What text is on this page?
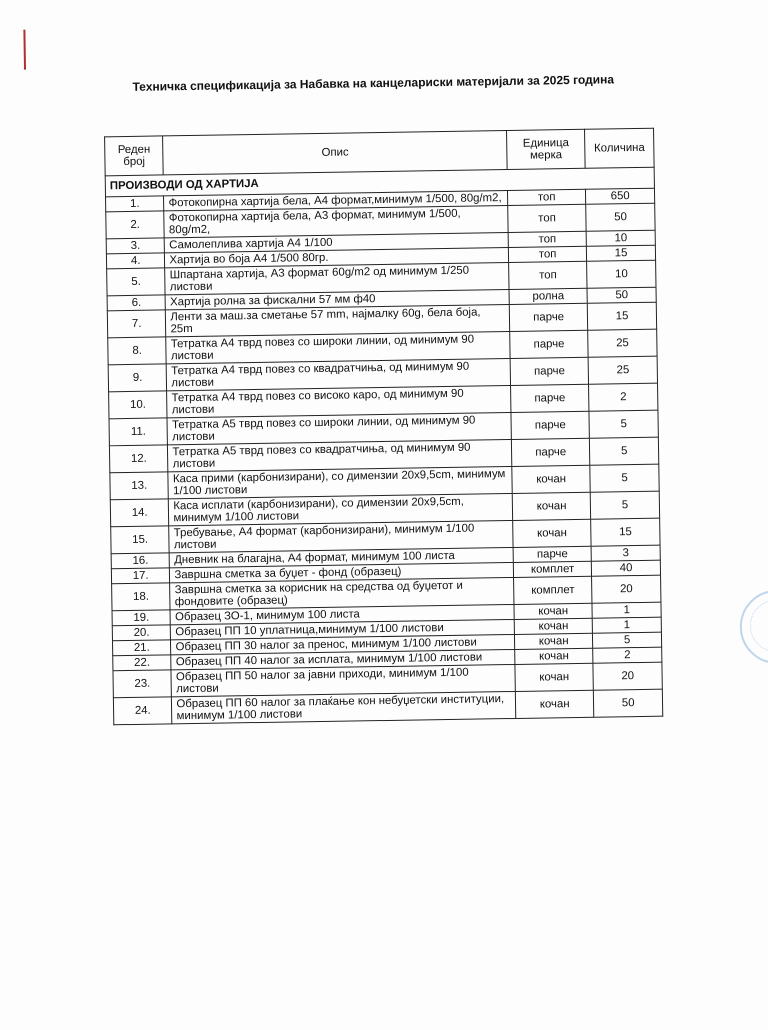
Техничка спецификација за Набавка на канцелариски материјали за 2025 година
Реден број	Опис	Единица мерка	Количина
ПРОИЗВОДИ ОД ХАРТИЈА			
1.	Фотокопирна хартија бела, А4 формат,минимум 1/500, 80g/m2,	топ	650
2.	Фотокопирна хартија бела, А3 формат, минимум 1/500, 80g/m2,	топ	50
3.	Самолеплива хартија А4 1/100	топ	10
4.	Хартија во боја А4 1/500 80гр.	топ	15
5.	Шпартана хартија, А3 формат 60g/m2 од минимум 1/250 листови	топ	10
6.	Хартија ролна за фискални 57 мм ф40	ролна	50
7.	Ленти за маш.за сметање 57 mm, најмалку 60g, бела боја, 25m	парче	15
8.	Тетратка А4 тврд повез со широки линии, од минимум 90 листови	парче	25
9.	Тетратка А4 тврд повез со квадратчиња, од минимум 90 листови	парче	25
10.	Тетратка А4 тврд повез со високо каро, од минимум 90 листови	парче	2
11.	Тетратка А5 тврд повез со широки линии, од минимум 90 листови	парче	5
12.	Тетратка А5 тврд повез со квадратчиња, од минимум 90 листови	парче	5
13.	Каса прими (карбонизирани), со димензии 20х9,5cm, минимум 1/100 листови	кочан	5
14.	Каса исплати (карбонизирани), со димензии 20х9,5cm, минимум 1/100 листови	кочан	5
15.	Требување, А4 формат (карбонизирани), минимум 1/100 листови	кочан	15
16.	Дневник на благајна, А4 формат, минимум 100 листа	парче	3
17.	Завршна сметка за буџет - фонд (образец)	комплет	40
18.	Завршна сметка за корисник на средства од буџетот и фондовите (образец)	комплет	20
19.	Образец ЗО-1, минимум 100 листа	кочан	1
20.	Образец ПП 10 уплатница,минимум 1/100 листови	кочан	1
21.	Образец ПП 30 налог за пренос, минимум 1/100 листови	кочан	5
22.	Образец ПП 40 налог за исплата, минимум 1/100 листови	кочан	2
23.	Образец ПП 50 налог за јавни приходи, минимум 1/100 листови	кочан	20
24.	Образец ПП 60 налог за плаќање кон небуџетски институции, минимум 1/100 листови	кочан	50
